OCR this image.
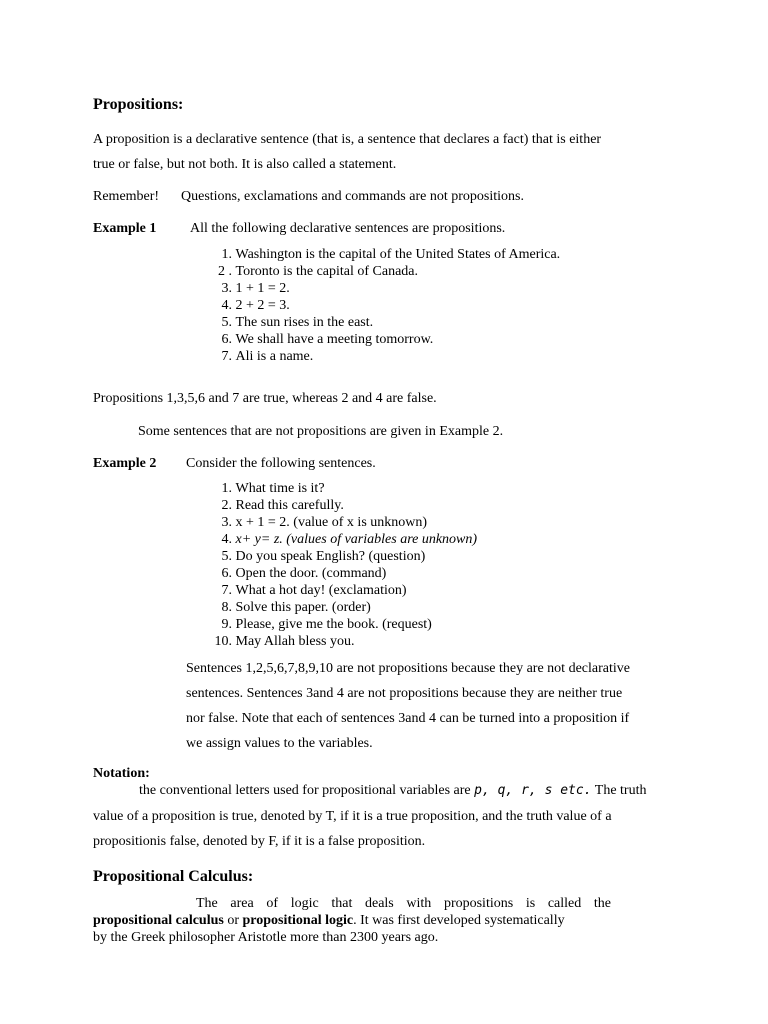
Propositions:
A proposition is a declarative sentence (that is, a sentence that declares a fact) that is either
true or false, but not both. It is also called a statement.
Remember! Questions, exclamations and commands are not propositions.
Example 1 All the following declarative sentences are propositions.
1. Washington is the capital of the United States of America.
2 . Toronto is the capital of Canada.
3. 1 + 1 = 2.
4. 2 + 2 = 3.
5. The sun rises in the east.
6. We shall have a meeting tomorrow.
7. Ali is a name.
Propositions 1,3,5,6 and 7 are true, whereas 2 and 4 are false.
Some sentences that are not propositions are given in Example 2.
Example 2 Consider the following sentences.
1. What time is it?
2. Read this carefully.
3. x + 1 = 2. (value of x is unknown)
4. x+ y= z. (values of variables are unknown)
5. Do you speak English? (question)
6. Open the door. (command)
7. What a hot day! (exclamation)
8. Solve this paper. (order)
9. Please, give me the book. (request)
10. May Allah bless you.
Sentences 1,2,5,6,7,8,9,10 are not propositions because they are not declarative
sentences. Sentences 3and 4 are not propositions because they are neither true
nor false. Note that each of sentences 3and 4 can be turned into a proposition if
we assign values to the variables.
Notation:
the conventional letters used for propositional variables are p, q, r, s etc. The truth
value of a proposition is true, denoted by T, if it is a true proposition, and the truth value of a
propositionis false, denoted by F, if it is a false proposition.
Propositional Calculus:
The area of logic that deals with propositions is called the
propositional calculus or propositional logic. It was first developed systematically
by the Greek philosopher Aristotle more than 2300 years ago.
